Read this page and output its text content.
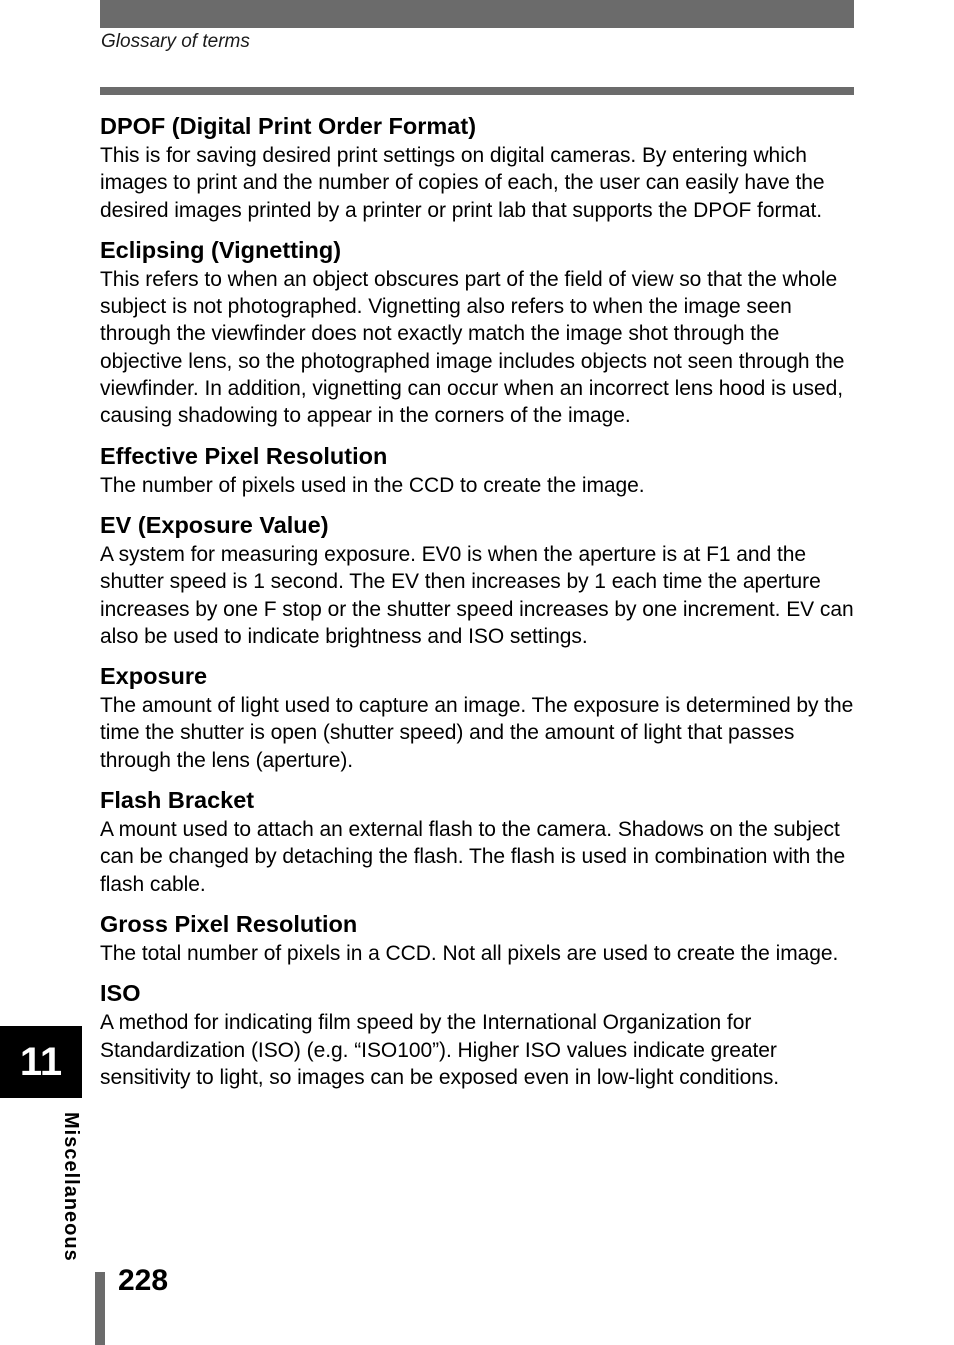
Glossary of terms

DPOF (Digital Print Order Format)

This is for saving desired print settings on digital cameras. By entering which images to print and the number of copies of each, the user can easily have the desired images printed by a printer or print lab that supports the DPOF format.

Eclipsing (Vignetting)

This refers to when an object obscures part of the field of view so that the whole subject is not photographed. Vignetting also refers to when the image seen through the viewfinder does not exactly match the image shot through the objective lens, so the photographed image includes objects not seen through the viewfinder. In addition, vignetting can occur when an incorrect lens hood is used, causing shadowing to appear in the corners of the image.

Effective Pixel Resolution

The number of pixels used in the CCD to create the image.

EV (Exposure Value)

A system for measuring exposure. EV0 is when the aperture is at F1 and the shutter speed is 1 second. The EV then increases by 1 each time the aperture increases by one F stop or the shutter speed increases by one increment. EV can also be used to indicate brightness and ISO settings.

Exposure

The amount of light used to capture an image. The exposure is determined by the time the shutter is open (shutter speed) and the amount of light that passes through the lens (aperture).

Flash Bracket

A mount used to attach an external flash to the camera. Shadows on the subject can be changed by detaching the flash. The flash is used in combination with the flash cable.

Gross Pixel Resolution

The total number of pixels in a CCD. Not all pixels are used to create the image.

ISO

A method for indicating film speed by the International Organization for Standardization (ISO) (e.g. “ISO100”). Higher ISO values indicate greater sensitivity to light, so images can be exposed even in low-light conditions.

11
Miscellaneous
228
